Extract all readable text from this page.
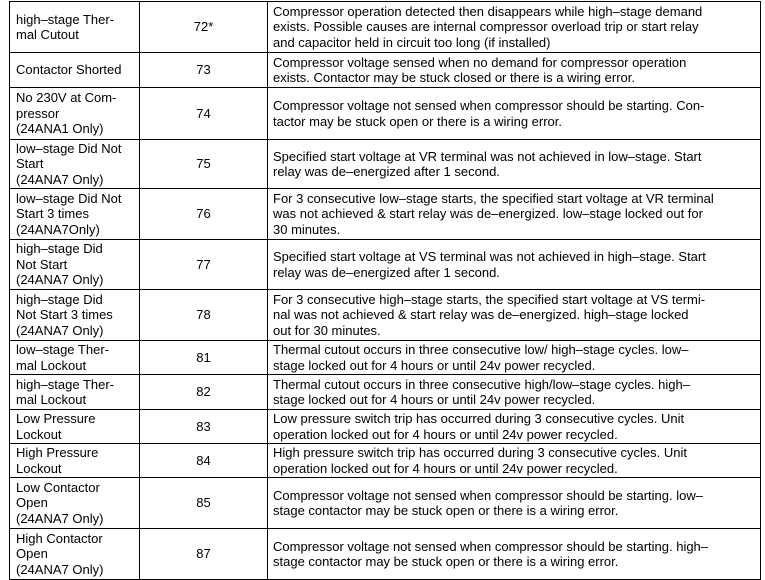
high–stage Ther-
mal Cutout	72*	Compressor operation detected then disappears while high–stage demand
exists. Possible causes are internal compressor overload trip or start relay
and capacitor held in circuit too long (if installed)

Contactor Shorted	73	Compressor voltage sensed when no demand for compressor operation
exists. Contactor may be stuck closed or there is a wiring error.

No 230V at Com-
pressor
(24ANA1 Only)	74	Compressor voltage not sensed when compressor should be starting. Con-
tactor may be stuck open or there is a wiring error.

low–stage Did Not
Start
(24ANA7 Only)	75	Specified start voltage at VR terminal was not achieved in low–stage. Start
relay was de–energized after 1 second.

low–stage Did Not
Start 3 times
(24ANA7Only)	76	For 3 consecutive low–stage starts, the specified start voltage at VR terminal
was not achieved & start relay was de–energized. low–stage locked out for
30 minutes.

high–stage Did
Not Start
(24ANA7 Only)	77	Specified start voltage at VS terminal was not achieved in high–stage. Start
relay was de–energized after 1 second.

high–stage Did
Not Start 3 times
(24ANA7 Only)	78	For 3 consecutive high–stage starts, the specified start voltage at VS termi-
nal was not achieved & start relay was de–energized. high–stage locked
out for 30 minutes.

low–stage Ther-
mal Lockout	81	Thermal cutout occurs in three consecutive low/ high–stage cycles. low–
stage locked out for 4 hours or until 24v power recycled.

high–stage Ther-
mal Lockout	82	Thermal cutout occurs in three consecutive high/low–stage cycles. high–
stage locked out for 4 hours or until 24v power recycled.

Low Pressure
Lockout	83	Low pressure switch trip has occurred during 3 consecutive cycles. Unit
operation locked out for 4 hours or until 24v power recycled.

High Pressure
Lockout	84	High pressure switch trip has occurred during 3 consecutive cycles. Unit
operation locked out for 4 hours or until 24v power recycled.

Low Contactor
Open
(24ANA7 Only)	85	Compressor voltage not sensed when compressor should be starting. low–
stage contactor may be stuck open or there is a wiring error.

High Contactor
Open
(24ANA7 Only)	87	Compressor voltage not sensed when compressor should be starting. high–
stage contactor may be stuck open or there is a wiring error.
